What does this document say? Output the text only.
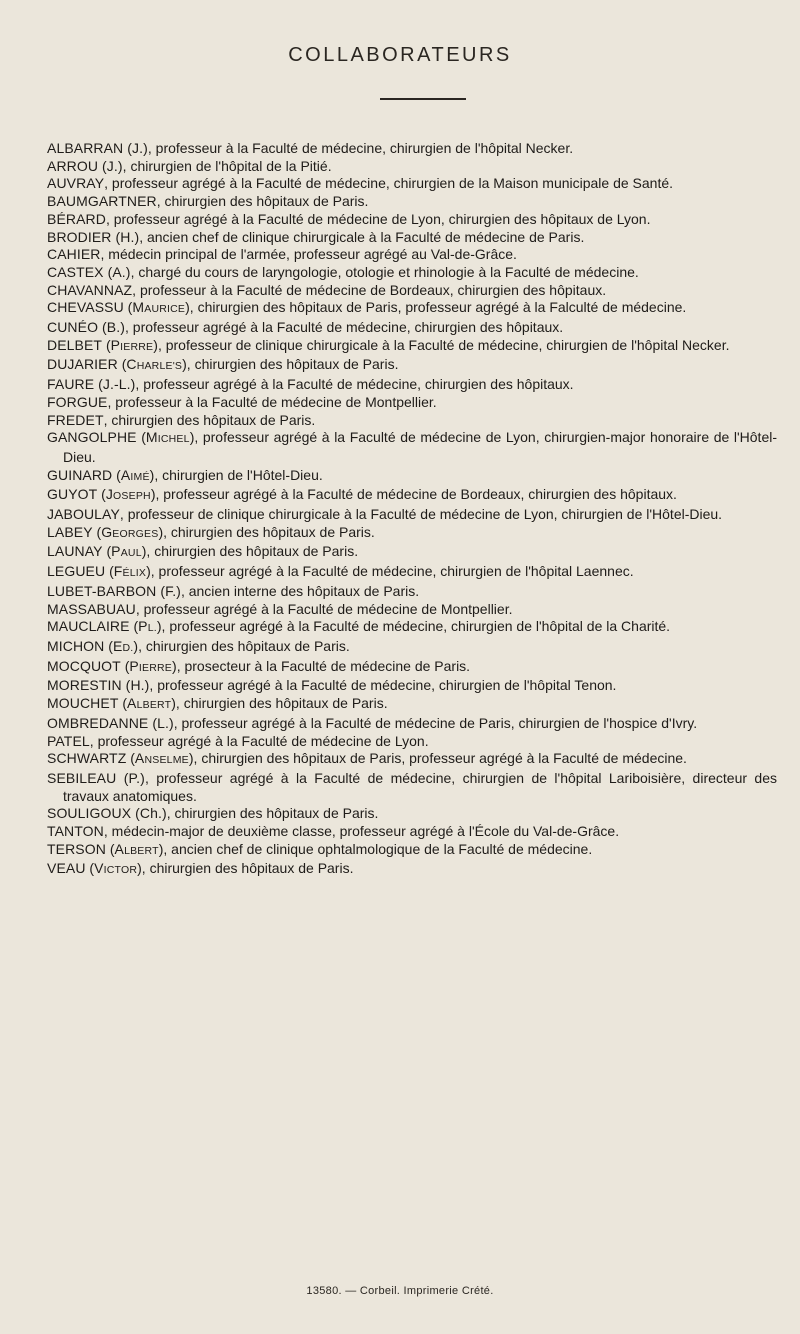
COLLABORATEURS
ALBARRAN (J.), professeur à la Faculté de médecine, chirurgien de l'hôpital Necker.
ARROU (J.), chirurgien de l'hôpital de la Pitié.
AUVRAY, professeur agrégé à la Faculté de médecine, chirurgien de la Maison municipale de Santé.
BAUMGARTNER, chirurgien des hôpitaux de Paris.
BÉRARD, professeur agrégé à la Faculté de médecine de Lyon, chirurgien des hôpitaux de Lyon.
BRODIER (H.), ancien chef de clinique chirurgicale à la Faculté de médecine de Paris.
CAHIER, médecin principal de l'armée, professeur agrégé au Val-de-Grâce.
CASTEX (A.), chargé du cours de laryngologie, otologie et rhinologie à la Faculté de médecine.
CHAVANNAZ, professeur à la Faculté de médecine de Bordeaux, chirurgien des hôpitaux.
CHEVASSU (MAURICE), chirurgien des hôpitaux de Paris, professeur agrégé à la Falculté de médecine.
CUNÉO (B.), professeur agrégé à la Faculté de médecine, chirurgien des hôpitaux.
DELBET (PIERRE), professeur de clinique chirurgicale à la Faculté de médecine, chirurgien de l'hôpital Necker.
DUJARIER (CHARLE'S), chirurgien des hôpitaux de Paris.
FAURE (J.-L.), professeur agrégé à la Faculté de médecine, chirurgien des hôpitaux.
FORGUE, professeur à la Faculté de médecine de Montpellier.
FREDET, chirurgien des hôpitaux de Paris.
GANGOLPHE (MICHEL), professeur agrégé à la Faculté de médecine de Lyon, chirurgien-major honoraire de l'Hôtel-Dieu.
GUINARD (AIMÉ), chirurgien de l'Hôtel-Dieu.
GUYOT (JOSEPH), professeur agrégé à la Faculté de médecine de Bordeaux, chirurgien des hôpitaux.
JABOULAY, professeur de clinique chirurgicale à la Faculté de médecine de Lyon, chirurgien de l'Hôtel-Dieu.
LABEY (GEORGES), chirurgien des hôpitaux de Paris.
LAUNAY (PAUL), chirurgien des hôpitaux de Paris.
LEGUEU (FÉLIX), professeur agrégé à la Faculté de médecine, chirurgien de l'hôpital Laennec.
LUBET-BARBON (F.), ancien interne des hôpitaux de Paris.
MASSABUAU, professeur agrégé à la Faculté de médecine de Montpellier.
MAUCLAIRE (PL.), professeur agrégé à la Faculté de médecine, chirurgien de l'hôpital de la Charité.
MICHON (ED.), chirurgien des hôpitaux de Paris.
MOCQUOT (PIERRE), prosecteur à la Faculté de médecine de Paris.
MORESTIN (H.), professeur agrégé à la Faculté de médecine, chirurgien de l'hôpital Tenon.
MOUCHET (ALBERT), chirurgien des hôpitaux de Paris.
OMBREDANNE (L.), professeur agrégé à la Faculté de médecine de Paris, chirurgien de l'hospice d'Ivry.
PATEL, professeur agrégé à la Faculté de médecine de Lyon.
SCHWARTZ (ANSELME), chirurgien des hôpitaux de Paris, professeur agrégé à la Faculté de médecine.
SEBILEAU (P.), professeur agrégé à la Faculté de médecine, chirurgien de l'hôpital Lariboisière, directeur des travaux anatomiques.
SOULIGOUX (Ch.), chirurgien des hôpitaux de Paris.
TANTON, médecin-major de deuxième classe, professeur agrégé à l'École du Val-de-Grâce.
TERSON (ALBERT), ancien chef de clinique ophtalmologique de la Faculté de médecine.
VEAU (VICTOR), chirurgien des hôpitaux de Paris.
13580. — Corbeil. Imprimerie Crété.
